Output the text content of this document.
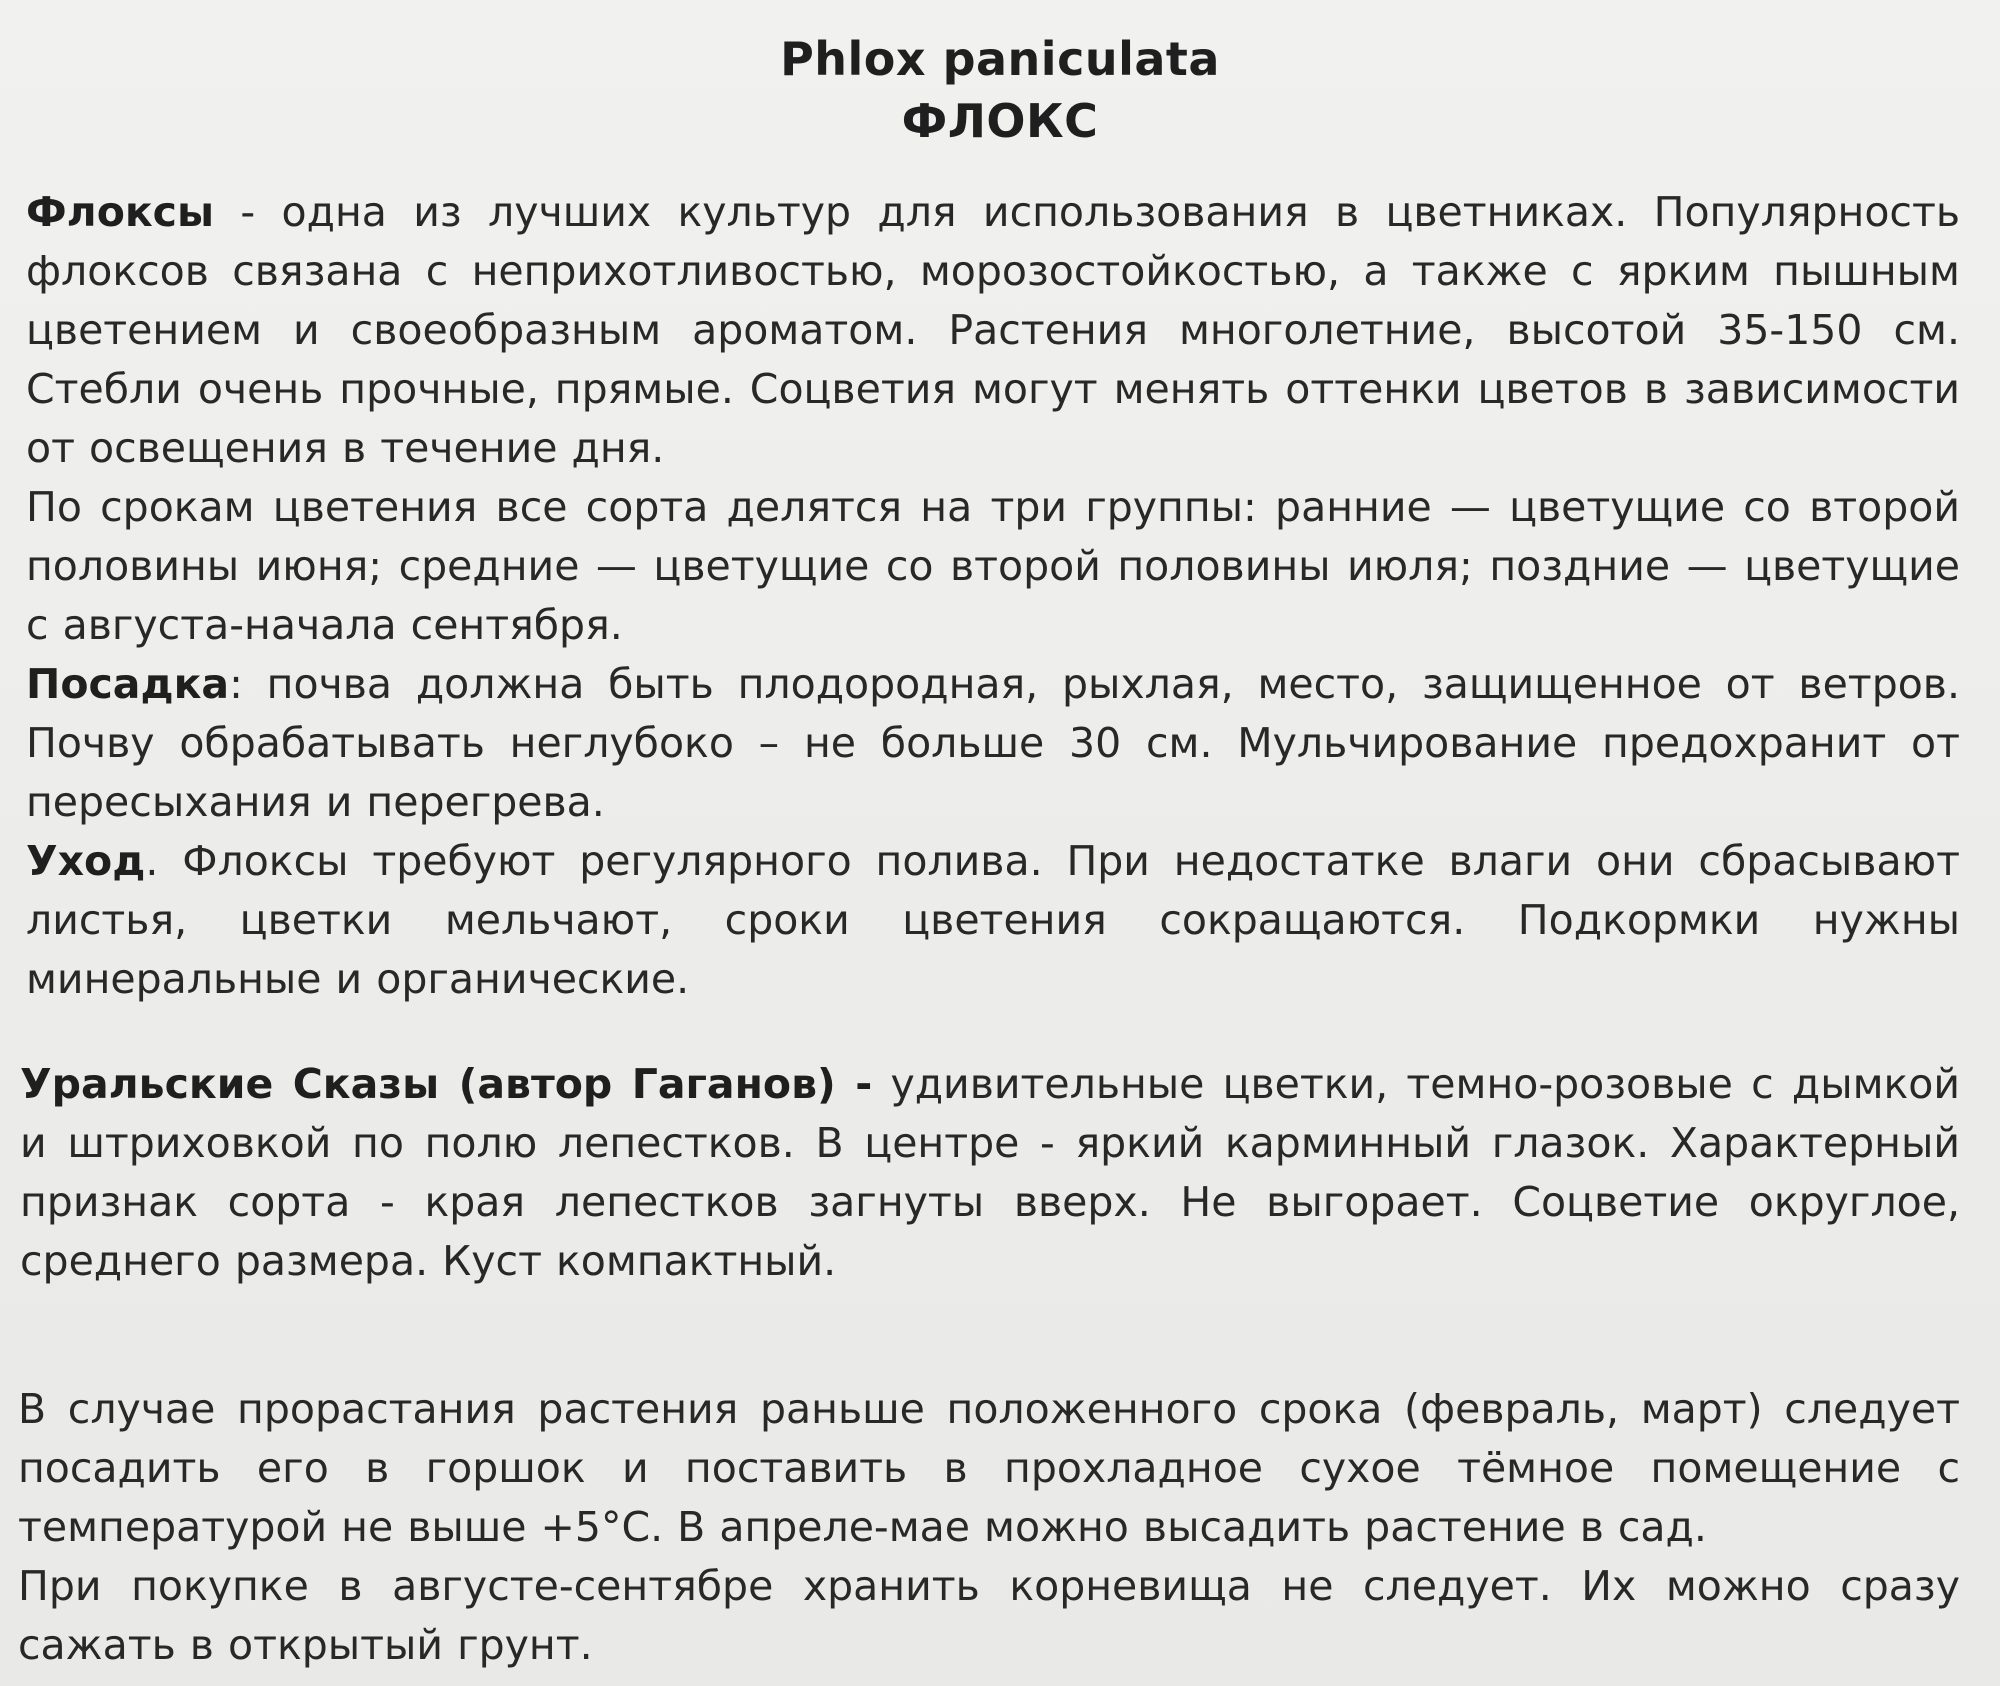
Phlox paniculata
ФЛОКС

Флоксы - одна из лучших культур для использования в цветниках. Популярность флоксов связана с неприхотливостью, морозостойкостью, а также с ярким пышным цветением и своеобразным ароматом. Растения многолетние, высотой 35-150 см. Стебли очень прочные, прямые. Соцветия могут менять оттенки цветов в зависимости от освещения в течение дня.

По срокам цветения все сорта делятся на три группы: ранние — цветущие со второй половины июня; средние — цветущие со второй половины июля; поздние — цветущие с августа-начала сентября.

Посадка: почва должна быть плодородная, рыхлая, место, защищенное от ветров. Почву обрабатывать неглубоко – не больше 30 см. Мульчирование предохранит от пересыхания и перегрева.

Уход. Флоксы требуют регулярного полива. При недостатке влаги они сбрасывают листья, цветки мельчают, сроки цветения сокращаются. Подкормки нужны минеральные и органические.

Уральские Сказы (автор Гаганов) - удивительные цветки, темно-розовые с дымкой и штриховкой по полю лепестков. В центре - яркий карминный глазок. Характерный признак сорта - края лепестков загнуты вверх. Не выгорает. Соцветие округлое, среднего размера. Куст компактный.

В случае прорастания растения раньше положенного срока (февраль, март) следует посадить его в горшок и поставить в прохладное сухое тёмное помещение с температурой не выше +5°С. В апреле-мае можно высадить растение в сад.

При покупке в августе-сентябре хранить корневища не следует. Их можно сразу сажать в открытый грунт.
